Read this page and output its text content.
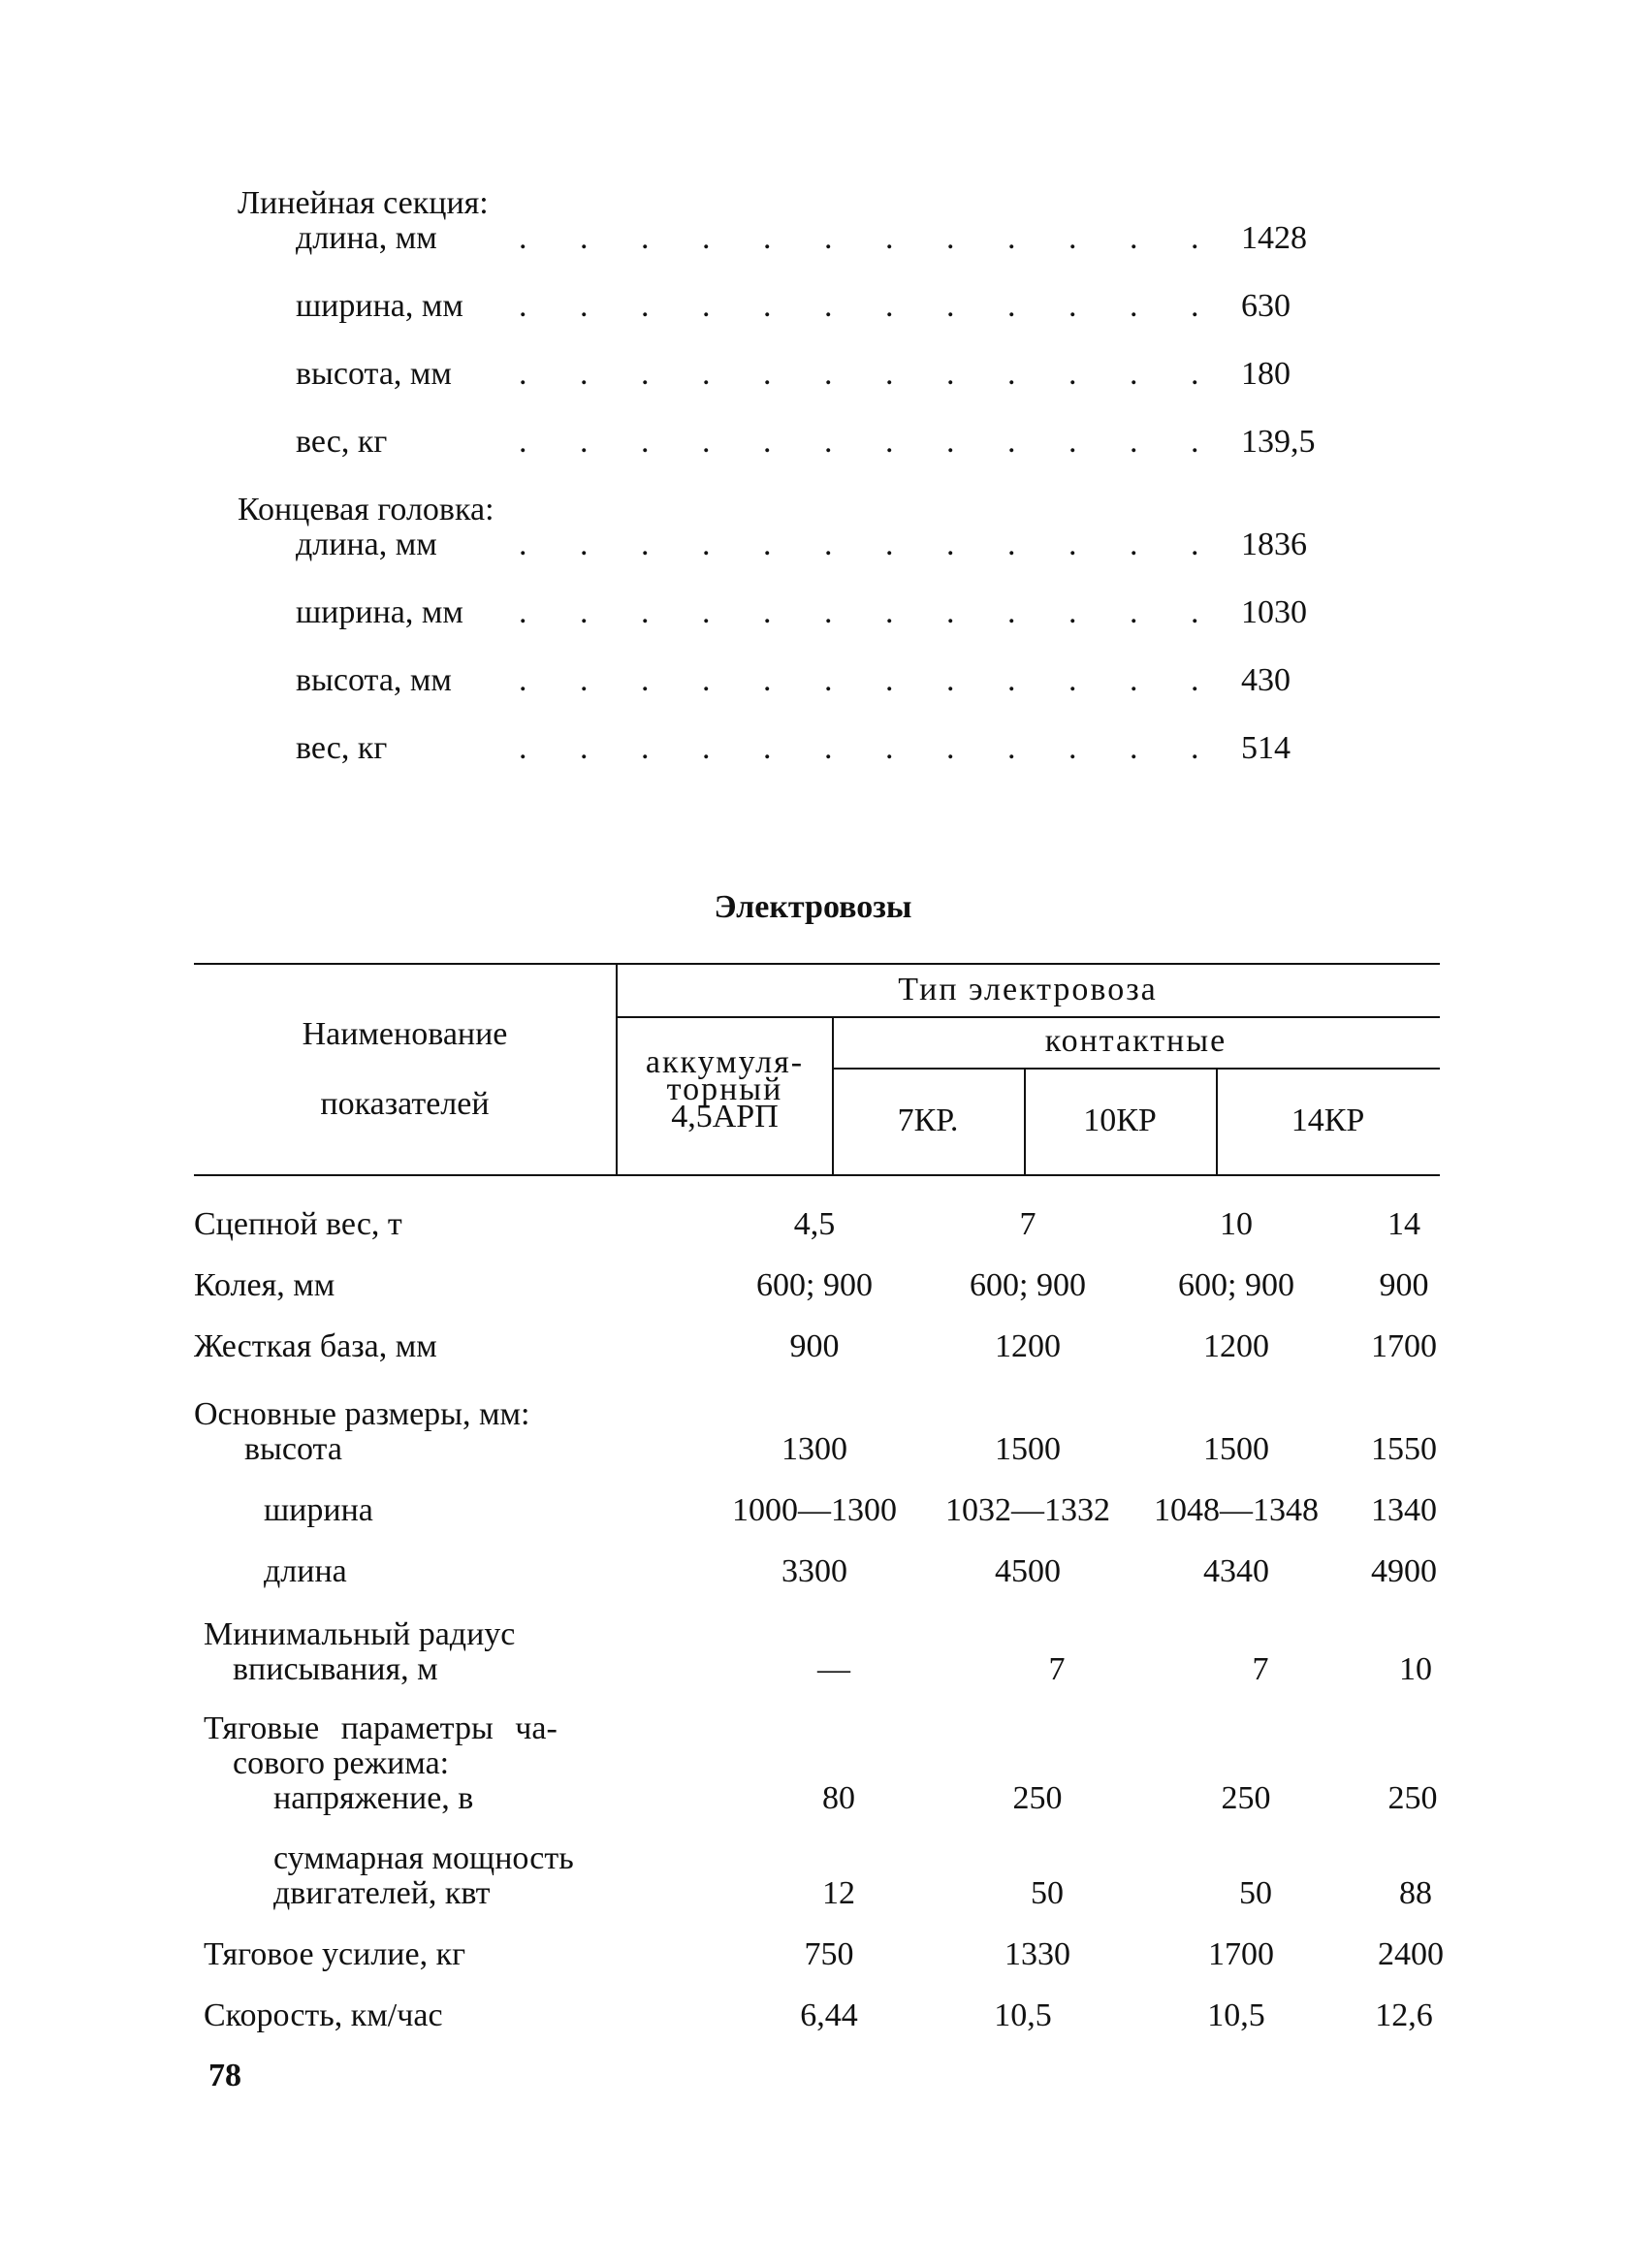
Линейная секция:
длина, мм . . . . . . . . . . . . 1428
ширина, мм . . . . . . . . . . . . 630
высота, мм . . . . . . . . . . . . 180
вес, кг	. . . . . . . . . . . . 139,5
Концевая головка:
длина, мм . . . . . . . . . . . . 1836
ширина, мм . . . . . . . . . . . . 1030
высота, мм . . . . . . . . . . . . 430
вес, кг	. . . . . . . . . . . . 514
Электровозы
Наименование
показателей
Тип электровоза
аккумуля-
торный
4,5АРП
контактные
7КР.	10КР	14КР
Сцепной вес, т	4,5	7	10	14
Колея, мм	600; 900	600; 900	600; 900	900
Жесткая база, мм	900	1200	1200	1700
Основные размеры, мм:
высота	1300	1500	1500	1550
ширина	1000—1300	1032—1332	1048—1348	1340
длина	3300	4500	4340	4900
Минимальный радиус
вписывания, м	—	7	7	10
Тяговые параметры ча-
сового режима:
напряжение, в	80	250	250	250
суммарная мощность
двигателей, квт	12	50	50	88
Тяговое усилие, кг	750	1330	1700	2400
Скорость, км/час	6,44	10,5	10,5	12,6
78
